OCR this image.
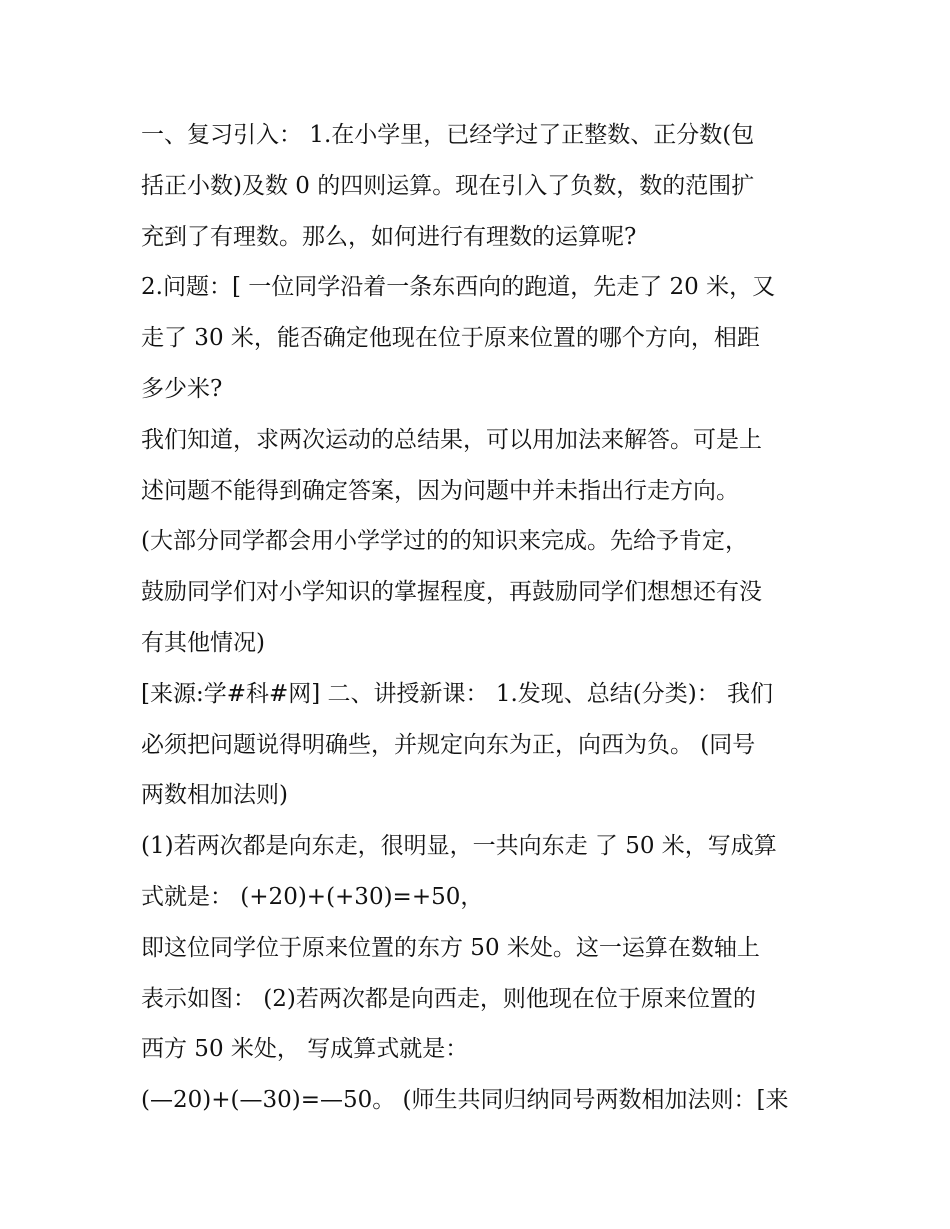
一、复习引入： 1.在小学里，已经学过了正整数、正分数(包
括正小数)及数 0 的四则运算。现在引入了负数，数的范围扩
充到了有理数。那么，如何进行有理数的运算呢?
2.问题：[ 一位同学沿着一条东西向的跑道，先走了 20 米，又
走了 30 米，能否确定他现在位于原来位置的哪个方向，相距
多少米?
我们知道，求两次运动的总结果，可以用加法来解答。可是上
述问题不能得到确定答案，因为问题中并未指出行走方向。
(大部分同学都会用小学学过的的知识来完成。先给予肯定，
鼓励同学们对小学知识的掌握程度，再鼓励同学们想想还有没
有其他情况)
[来源:学#科#网] 二、讲授新课： 1.发现、总结(分类)： 我们
必须把问题说得明确些，并规定向东为正，向西为负。 (同号
两数相加法则)
(1)若两次都是向东走，很明显，一共向东走 了 50 米，写成算
式就是： (+20)+(+30)=+50，
即这位同学位于原来位置的东方 50 米处。这一运算在数轴上
表示如图： (2)若两次都是向西走，则他现在位于原来位置的
西方 50 米处， 写成算式就是：
(—20)+(—30)=—50。 (师生共同归纳同号两数相加法则：[来
